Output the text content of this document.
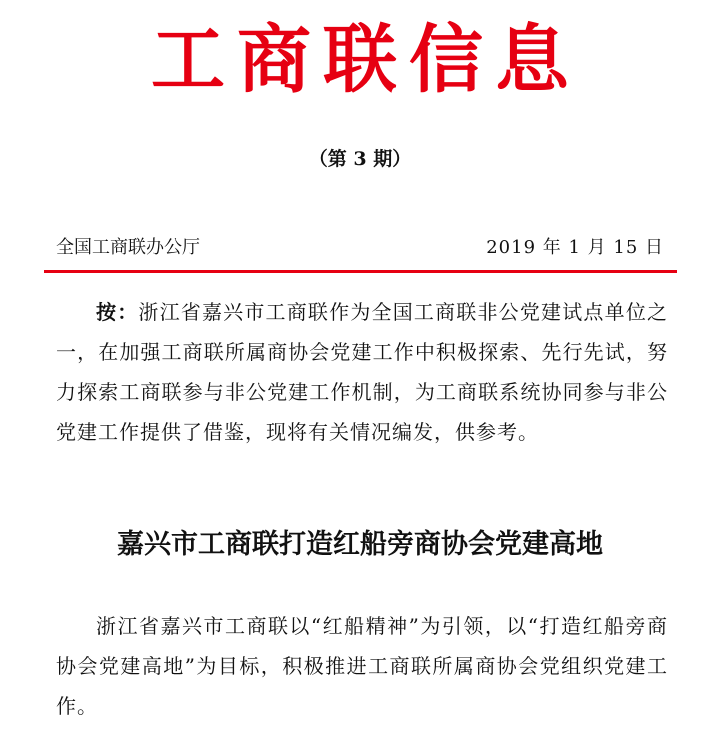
工商联信息
（第 3 期）
全国工商联办公厅	2019 年 1 月 15 日

按：浙江省嘉兴市工商联作为全国工商联非公党建试点单位之一，在加强工商联所属商协会党建工作中积极探索、先行先试，努力探索工商联参与非公党建工作机制，为工商联系统协同参与非公党建工作提供了借鉴，现将有关情况编发，供参考。

嘉兴市工商联打造红船旁商协会党建高地

浙江省嘉兴市工商联以“红船精神”为引领，以“打造红船旁商协会党建高地”为目标，积极推进工商联所属商协会党组织党建工作。
